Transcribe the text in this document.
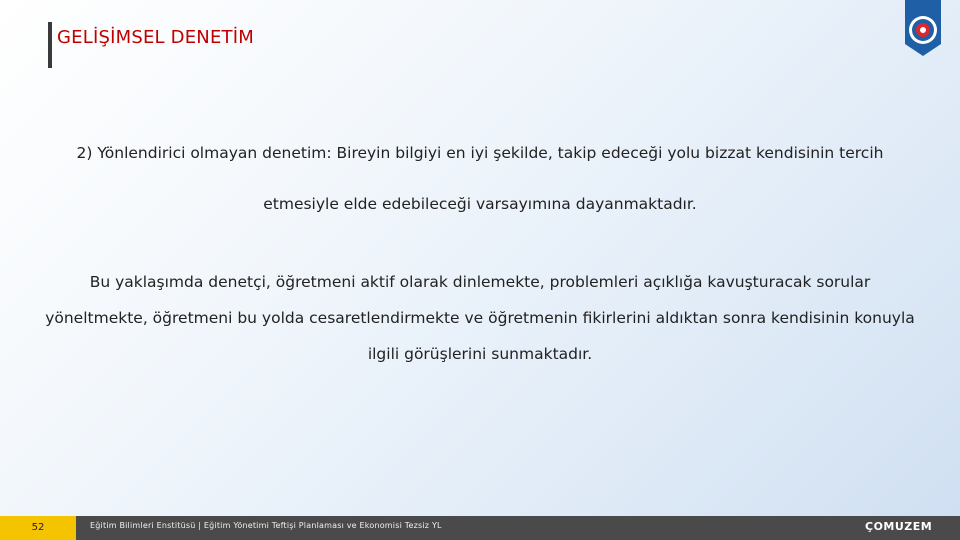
GELİŞİMSEL DENETİM
2) Yönlendirici olmayan denetim: Bireyin bilgiyi en iyi şekilde, takip edeceği yolu bizzat kendisinin tercih etmesiyle elde edebileceği varsayımına dayanmaktadır.
Bu yaklaşımda denetçi, öğretmeni aktif olarak dinlemekte, problemleri açıklığa kavuşturacak sorular yöneltmekte, öğretmeni bu yolda cesaretlendirmekte ve öğretmenin fikirlerini aldıktan sonra kendisinin konuyla ilgili görüşlerini sunmaktadır.
52	Eğitim Bilimleri Enstitüsü | Eğitim Yönetimi Teftişi Planlaması ve Ekonomisi Tezsiz YL	ÇOMUZEM
